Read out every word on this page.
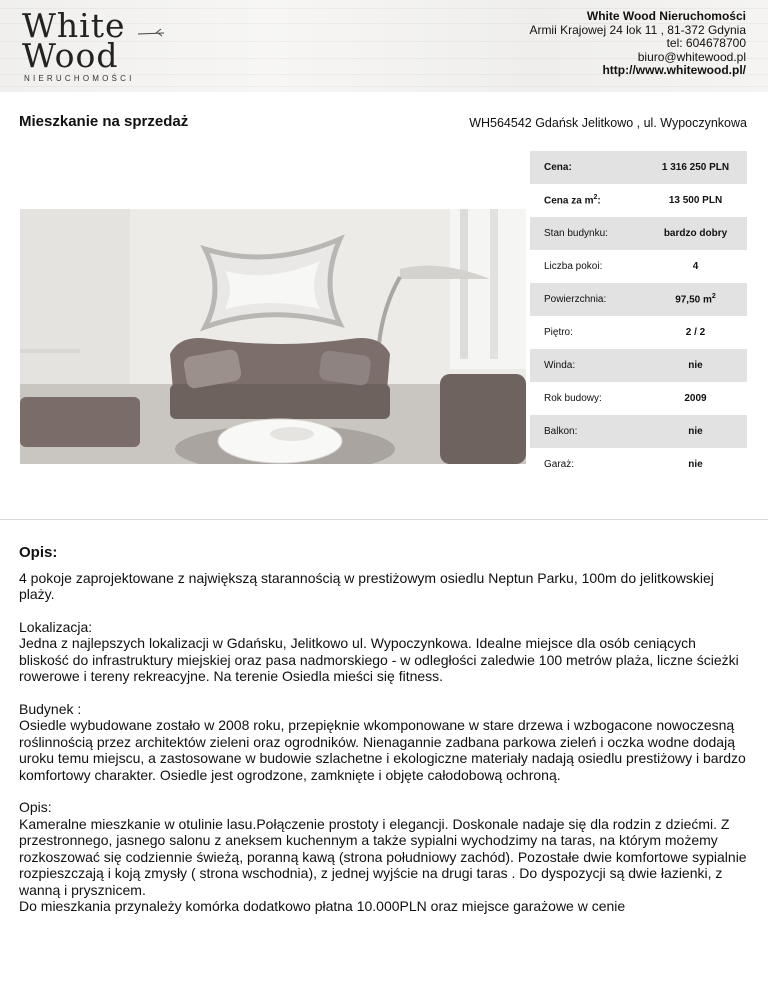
White
Wood
NIERUCHOMOŚCI
White Wood Nieruchomości
Armii Krajowej 24 lok 11 , 81-372 Gdynia
tel: 604678700
biuro@whitewood.pl
http://www.whitewood.pl/
Mieszkanie na sprzedaż	WH564542 Gdańsk Jelitkowo , ul. Wypoczynkowa
Cena:	1 316 250 PLN
Cena za $m^2$:	13 500 PLN
Stan budynku:	bardzo dobry
Liczba pokoi:	4
Powierzchnia:	97,50 $m^2$
Piętro:	2 / 2
Winda:	nie
Rok budowy:	2009
Balkon:	nie
Garaż:	nie
Opis:

4 pokoje zaprojektowane z największą starannością w prestiżowym osiedlu Neptun Parku, 100m do jelitkowskiej plaży.

Lokalizacja:
Jedna z najlepszych lokalizacji w Gdańsku, Jelitkowo ul. Wypoczynkowa. Idealne miejsce dla osób ceniących bliskość do infrastruktury miejskiej oraz pasa nadmorskiego - w odległości zaledwie 100 metrów plaża, liczne ścieżki rowerowe i tereny rekreacyjne. Na terenie Osiedla mieści się fitness.

Budynek :
Osiedle wybudowane zostało w 2008 roku, przepięknie wkomponowane w stare drzewa i wzbogacone nowoczesną roślinnością przez architektów zieleni oraz ogrodników. Nienagannie zadbana parkowa zieleń i oczka wodne dodają uroku temu miejscu, a zastosowane w budowie szlachetne i ekologiczne materiały nadają osiedlu prestiżowy i bardzo komfortowy charakter. Osiedle jest ogrodzone, zamknięte i objęte całodobową ochroną.

Opis:
Kameralne mieszkanie w otulinie lasu.Połączenie prostoty i elegancji. Doskonale nadaje się dla rodzin z dziećmi. Z przestronnego, jasnego salonu z aneksem kuchennym a także sypialni wychodzimy na taras, na którym możemy rozkoszować się codziennie świeżą, poranną kawą (strona południowy zachód). Pozostałe dwie komfortowe sypialnie rozpieszczają i koją zmysły ( strona wschodnia), z jednej wyjście na drugi taras . Do dyspozycji są dwie łazienki, z wanną i prysznicem.
Do mieszkania przynależy komórka dodatkowo płatna 10.000PLN oraz miejsce garażowe w cenie
